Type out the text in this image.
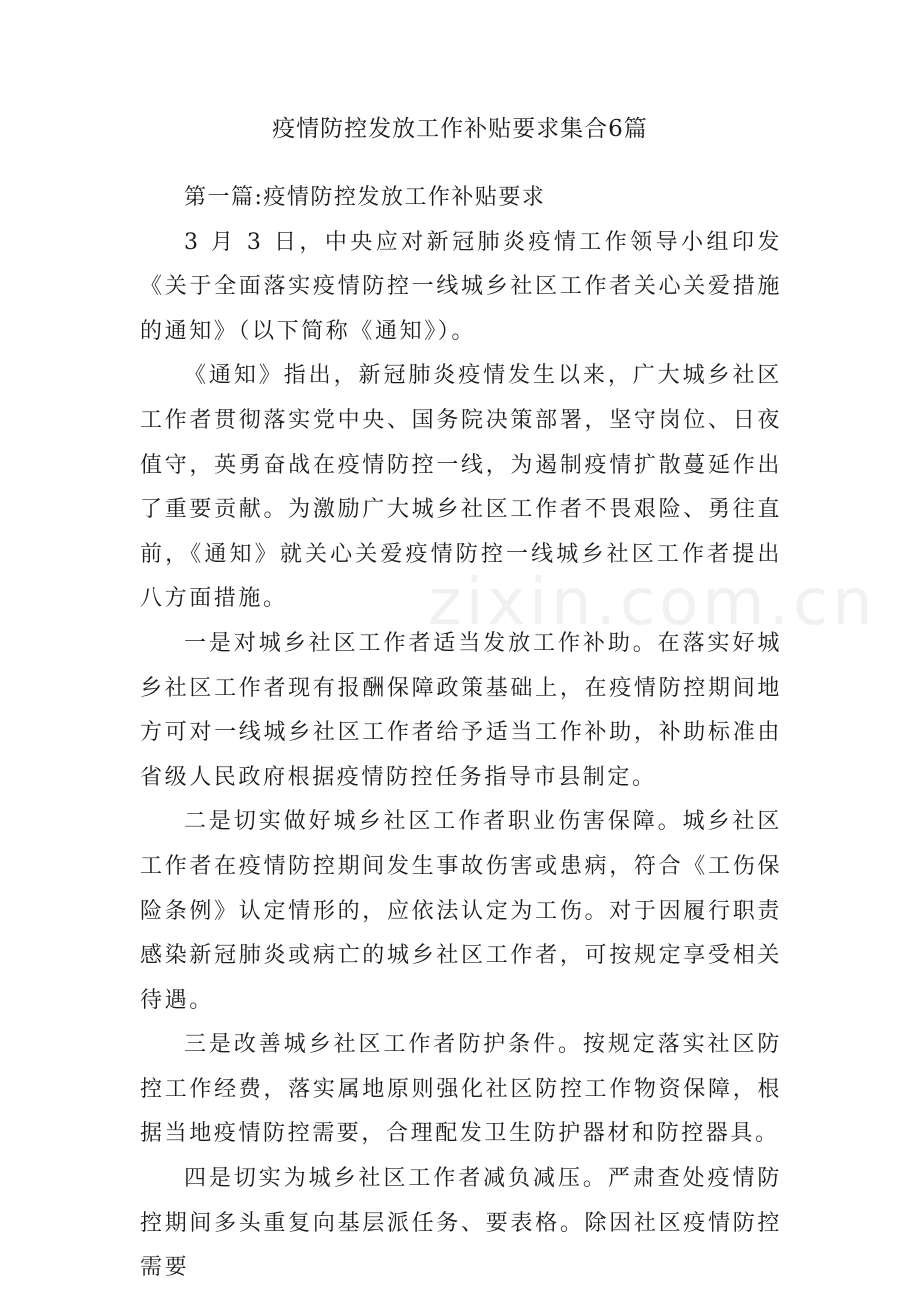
zixin.com.cn
疫情防控发放工作补贴要求集合6篇

第一篇:疫情防控发放工作补贴要求

3 月 3 日，中央应对新冠肺炎疫情工作领导小组印发《关于全面落实疫情防控一线城乡社区工作者关心关爱措施的通知》（以下简称《通知》）。

《通知》指出，新冠肺炎疫情发生以来，广大城乡社区工作者贯彻落实党中央、国务院决策部署，坚守岗位、日夜值守，英勇奋战在疫情防控一线，为遏制疫情扩散蔓延作出了重要贡献。为激励广大城乡社区工作者不畏艰险、勇往直前，《通知》就关心关爱疫情防控一线城乡社区工作者提出八方面措施。

一是对城乡社区工作者适当发放工作补助。在落实好城乡社区工作者现有报酬保障政策基础上，在疫情防控期间地方可对一线城乡社区工作者给予适当工作补助，补助标准由省级人民政府根据疫情防控任务指导市县制定。

二是切实做好城乡社区工作者职业伤害保障。城乡社区工作者在疫情防控期间发生事故伤害或患病，符合《工伤保险条例》认定情形的，应依法认定为工伤。对于因履行职责感染新冠肺炎或病亡的城乡社区工作者，可按规定享受相关待遇。

三是改善城乡社区工作者防护条件。按规定落实社区防控工作经费，落实属地原则强化社区防控工作物资保障，根据当地疫情防控需要，合理配发卫生防护器材和防控器具。

四是切实为城乡社区工作者减负减压。严肃查处疫情防控期间多头重复向基层派任务、要表格。除因社区疫情防控需要
